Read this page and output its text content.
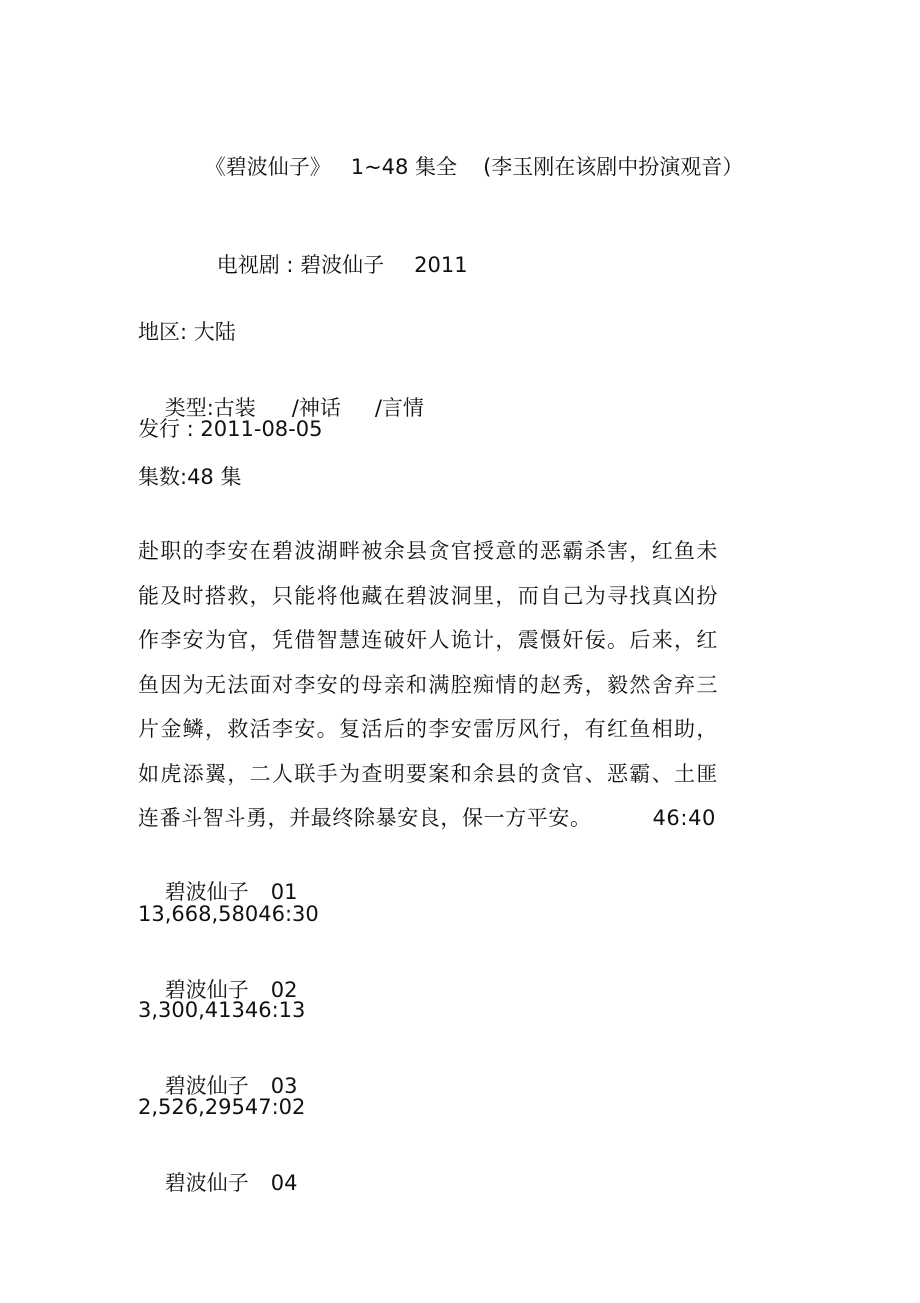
《碧波仙子》 1~48 集全 (李玉刚在该剧中扮演观音）

电视剧 : 碧波仙子 2011

地区: 大陆

类型:古装 /神话 /言情

发行 : 2011-08-05
集数:48 集
赴职的李安在碧波湖畔被余县贪官授意的恶霸杀害，红鱼未能及时搭救，只能将他藏在碧波洞里，而自己为寻找真凶扮作李安为官，凭借智慧连破奸人诡计，震慑奸佞。后来，红鱼因为无法面对李安的母亲和满腔痴情的赵秀，毅然舍弃三片金鳞，救活李安。复活后的李安雷厉风行，有红鱼相助，如虎添翼，二人联手为查明要案和余县的贪官、恶霸、土匪连番斗智斗勇，并最终除暴安良，保一方平安。	46:40

碧波仙子 01

13,668,58046:30

碧波仙子 02

3,300,41346:13

碧波仙子 03

2,526,29547:02

碧波仙子 04
